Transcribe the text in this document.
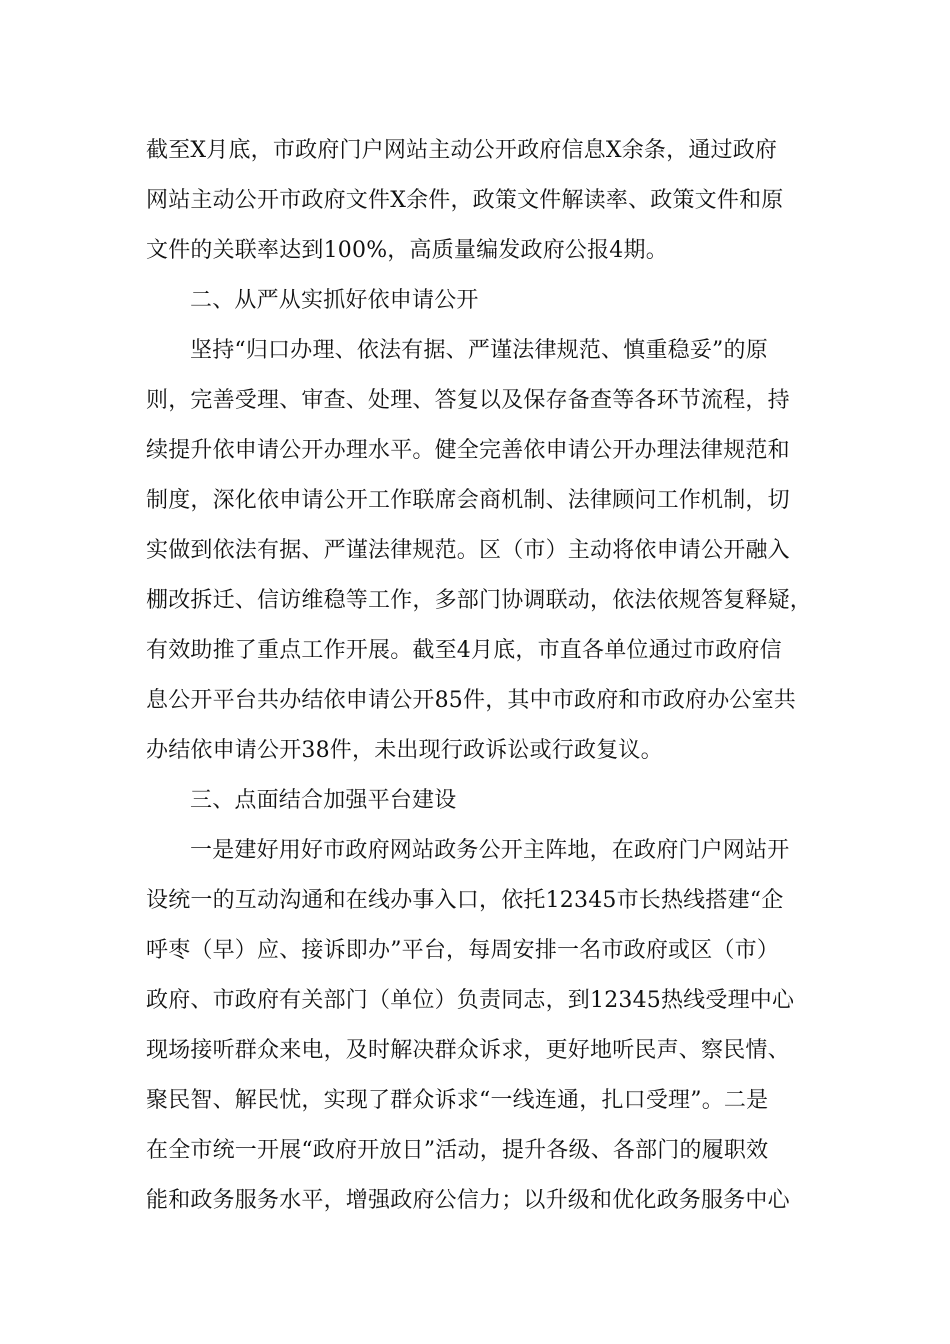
截至X月底，市政府门户网站主动公开政府信息X余条，通过政府
网站主动公开市政府文件X余件，政策文件解读率、政策文件和原
文件的关联率达到100%，高质量编发政府公报4期。
二、从严从实抓好依申请公开
坚持“归口办理、依法有据、严谨法律规范、慎重稳妥”的原
则，完善受理、审查、处理、答复以及保存备查等各环节流程，持
续提升依申请公开办理水平。健全完善依申请公开办理法律规范和
制度，深化依申请公开工作联席会商机制、法律顾问工作机制，切
实做到依法有据、严谨法律规范。区（市）主动将依申请公开融入
棚改拆迁、信访维稳等工作，多部门协调联动，依法依规答复释疑，
有效助推了重点工作开展。截至4月底，市直各单位通过市政府信
息公开平台共办结依申请公开85件，其中市政府和市政府办公室共
办结依申请公开38件，未出现行政诉讼或行政复议。
三、点面结合加强平台建设
一是建好用好市政府网站政务公开主阵地，在政府门户网站开
设统一的互动沟通和在线办事入口，依托12345市长热线搭建“企
呼枣（早）应、接诉即办”平台，每周安排一名市政府或区（市）
政府、市政府有关部门（单位）负责同志，到12345热线受理中心
现场接听群众来电，及时解决群众诉求，更好地听民声、察民情、
聚民智、解民忧，实现了群众诉求“一线连通，扎口受理”。二是
在全市统一开展“政府开放日”活动，提升各级、各部门的履职效
能和政务服务水平，增强政府公信力；以升级和优化政务服务中心
